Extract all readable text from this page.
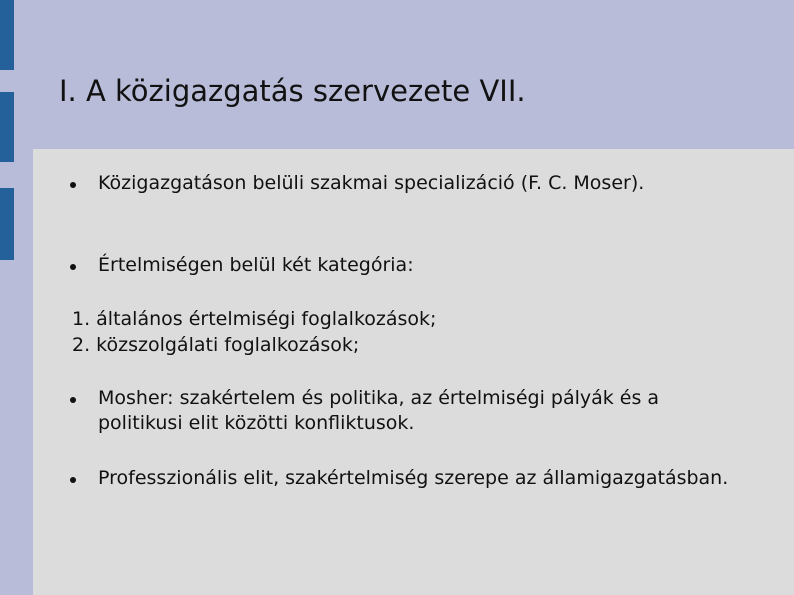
I. A közigazgatás szervezete VII.
Közigazgatáson belüli szakmai specializáció (F. C. Moser).
Értelmiségen belül két kategória:
1. általános értelmiségi foglalkozások;
2. közszolgálati foglalkozások;
Mosher: szakértelem és politika, az értelmiségi pályák és a politikusi elit közötti konfliktusok.
Professzionális elit, szakértelmiség szerepe az államigazgatásban.
